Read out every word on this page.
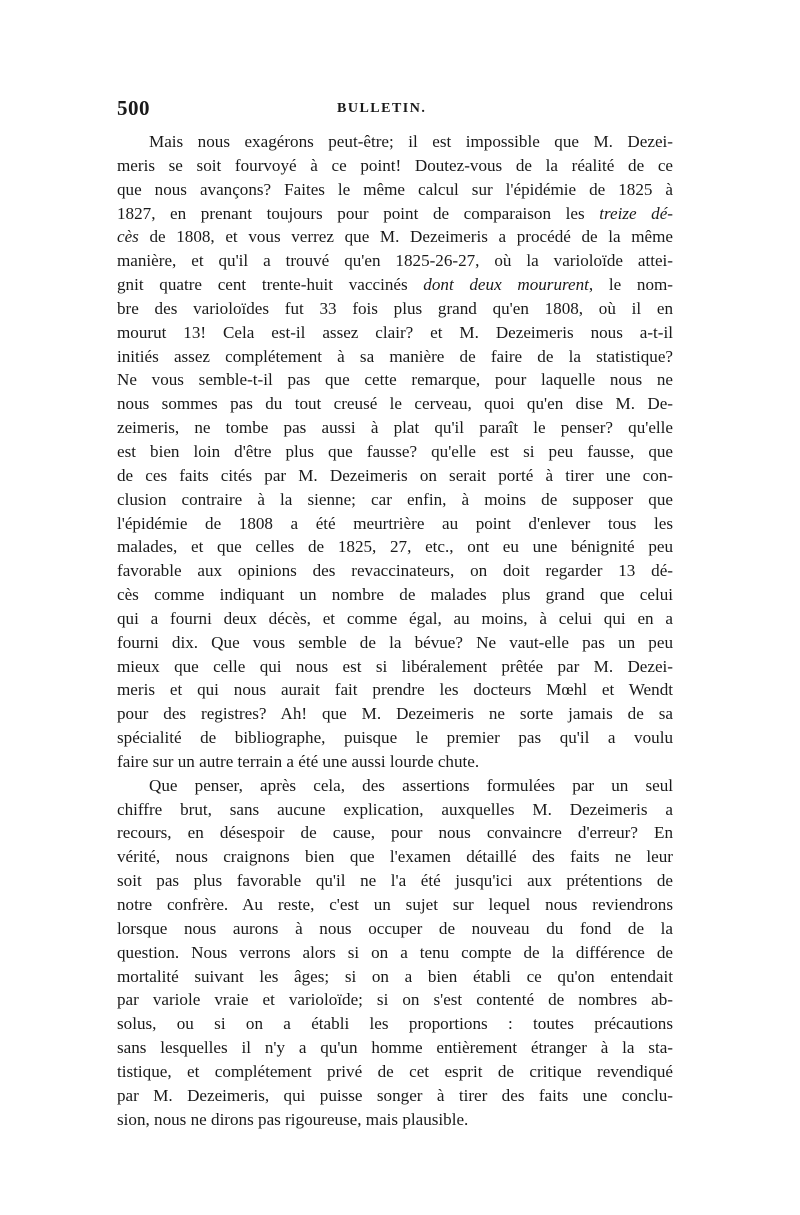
500	BULLETIN.
Mais nous exagérons peut-être; il est impossible que M. Dezei-
meris se soit fourvoyé à ce point! Doutez-vous de la réalité de ce
que nous avançons? Faites le même calcul sur l'épidémie de 1825 à
1827, en prenant toujours pour point de comparaison les treize dé-
cès de 1808, et vous verrez que M. Dezeimeris a procédé de la même
manière, et qu'il a trouvé qu'en 1825-26-27, où la varioloïde attei-
gnit quatre cent trente-huit vaccinés dont deux moururent, le nom-
bre des varioloïdes fut 33 fois plus grand qu'en 1808, où il en
mourut 13! Cela est-il assez clair? et M. Dezeimeris nous a-t-il
initiés assez complétement à sa manière de faire de la statistique?
Ne vous semble-t-il pas que cette remarque, pour laquelle nous ne
nous sommes pas du tout creusé le cerveau, quoi qu'en dise M. De-
zeimeris, ne tombe pas aussi à plat qu'il paraît le penser? qu'elle
est bien loin d'être plus que fausse? qu'elle est si peu fausse, que
de ces faits cités par M. Dezeimeris on serait porté à tirer une con-
clusion contraire à la sienne; car enfin, à moins de supposer que
l'épidémie de 1808 a été meurtrière au point d'enlever tous les
malades, et que celles de 1825, 27, etc., ont eu une bénignité peu
favorable aux opinions des revaccinateurs, on doit regarder 13 dé-
cès comme indiquant un nombre de malades plus grand que celui
qui a fourni deux décès, et comme égal, au moins, à celui qui en a
fourni dix. Que vous semble de la bévue? Ne vaut-elle pas un peu
mieux que celle qui nous est si libéralement prêtée par M. Dezei-
meris et qui nous aurait fait prendre les docteurs Mœhl et Wendt
pour des registres? Ah! que M. Dezeimeris ne sorte jamais de sa
spécialité de bibliographe, puisque le premier pas qu'il a voulu
faire sur un autre terrain a été une aussi lourde chute.
Que penser, après cela, des assertions formulées par un seul
chiffre brut, sans aucune explication, auxquelles M. Dezeimeris a
recours, en désespoir de cause, pour nous convaincre d'erreur? En
vérité, nous craignons bien que l'examen détaillé des faits ne leur
soit pas plus favorable qu'il ne l'a été jusqu'ici aux prétentions de
notre confrère. Au reste, c'est un sujet sur lequel nous reviendrons
lorsque nous aurons à nous occuper de nouveau du fond de la
question. Nous verrons alors si on a tenu compte de la différence de
mortalité suivant les âges; si on a bien établi ce qu'on entendait
par variole vraie et varioloïde; si on s'est contenté de nombres ab-
solus, ou si on a établi les proportions : toutes précautions
sans lesquelles il n'y a qu'un homme entièrement étranger à la sta-
tistique, et complétement privé de cet esprit de critique revendiqué
par M. Dezeimeris, qui puisse songer à tirer des faits une conclu-
sion, nous ne dirons pas rigoureuse, mais plausible.
